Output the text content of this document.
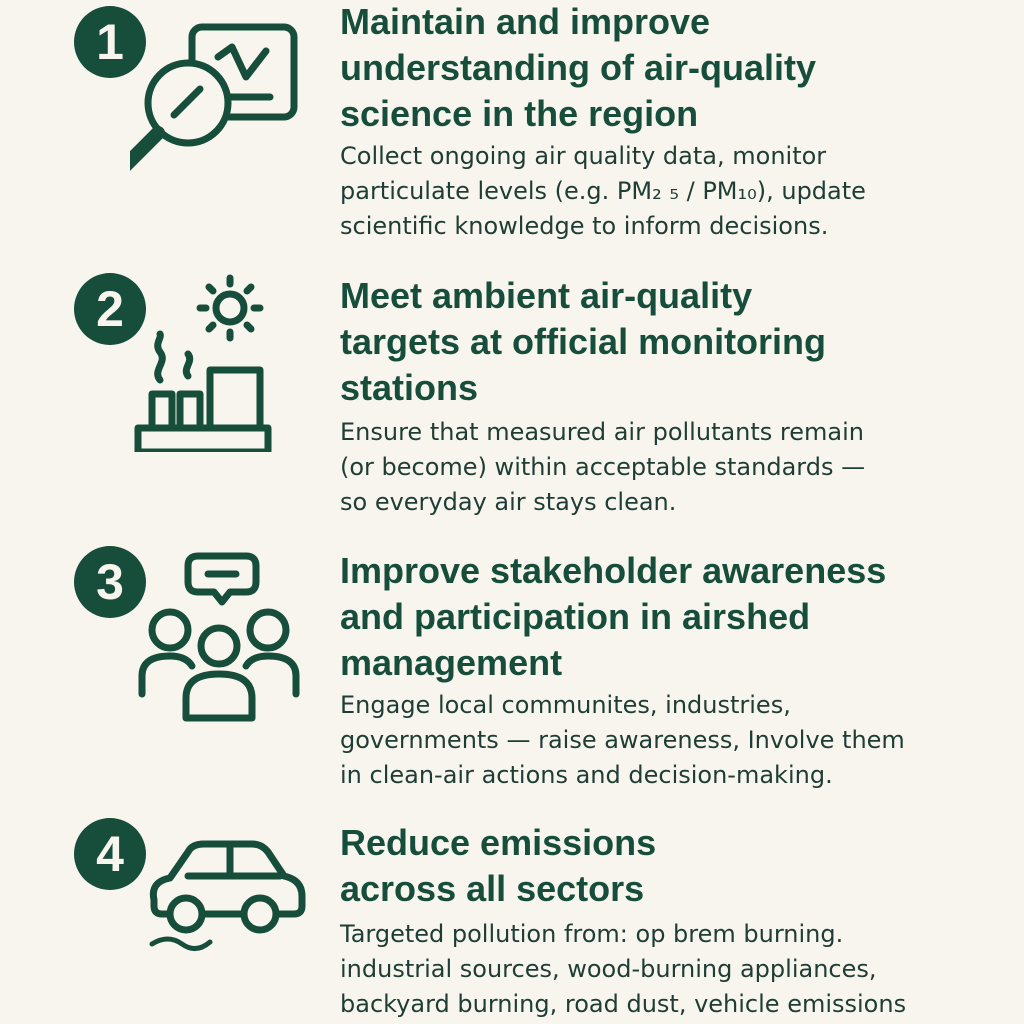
1	Maintain and improve
understanding of air-quality
science in the region

Collect ongoing air quality data, monitor
particulate levels (e.g. PM₂ ₅ / PM₁₀), update
scientific knowledge to inform decisions.

2	Meet ambient air-quality
targets at official monitoring
stations

Ensure that measured air pollutants remain
(or become) within acceptable standards —
so everyday air stays clean.

3	Improve stakeholder awareness
and participation in airshed
management

Engage local communites, industries,
governments — raise awareness, Involve them
in clean-air actions and decision-making.

4	Reduce emissions
across all sectors

Targeted pollution from: op brem burning.
industrial sources, wood-burning appliances,
backyard burning, road dust, vehicle emissions
